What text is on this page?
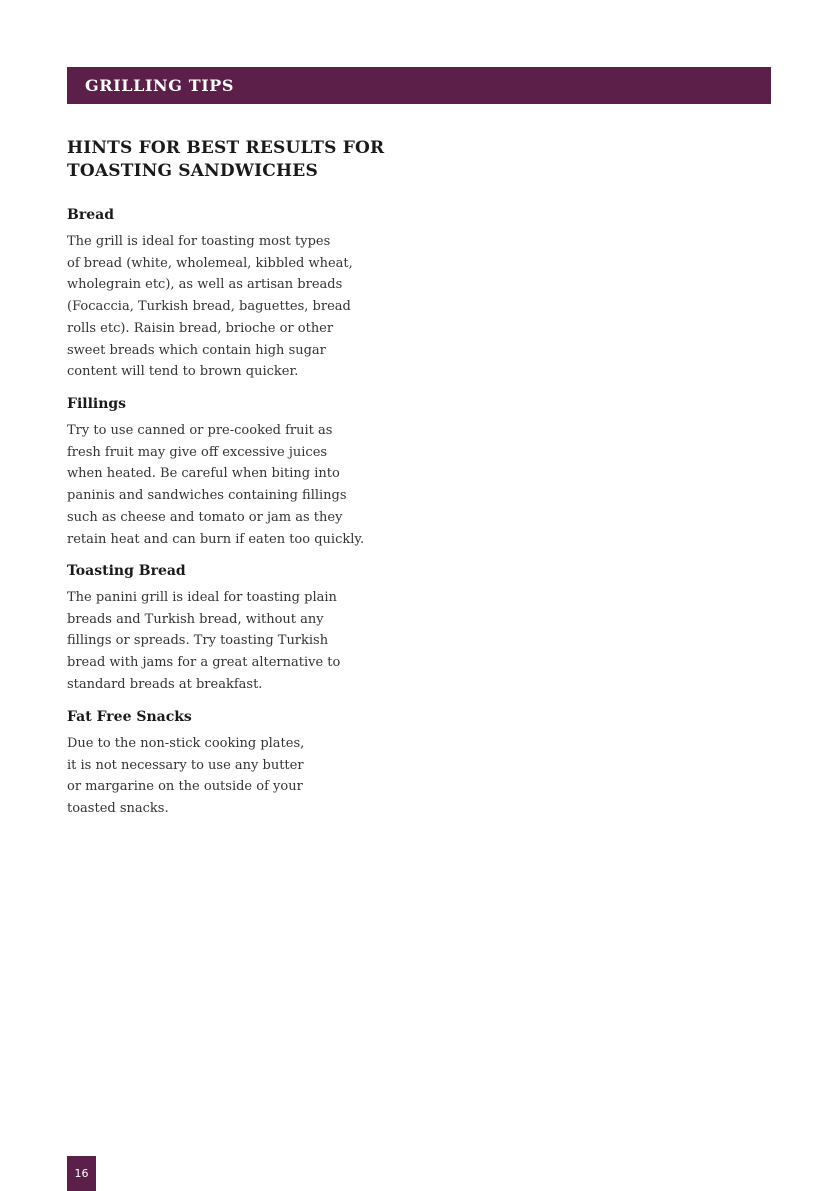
GRILLING TIPS

HINTS FOR BEST RESULTS FOR
TOASTING SANDWICHES
Bread

The grill is ideal for toasting most types
of bread (white, wholemeal, kibbled wheat,
wholegrain etc), as well as artisan breads
(Focaccia, Turkish bread, baguettes, bread
rolls etc). Raisin bread, brioche or other
sweet breads which contain high sugar
content will tend to brown quicker.

Fillings

Try to use canned or pre-cooked fruit as
fresh fruit may give off excessive juices
when heated. Be careful when biting into
paninis and sandwiches containing fillings
such as cheese and tomato or jam as they
retain heat and can burn if eaten too quickly.

Toasting Bread

The panini grill is ideal for toasting plain
breads and Turkish bread, without any
fillings or spreads. Try toasting Turkish
bread with jams for a great alternative to
standard breads at breakfast.

Fat Free Snacks

Due to the non-stick cooking plates,
it is not necessary to use any butter
or margarine on the outside of your
toasted snacks.

16
